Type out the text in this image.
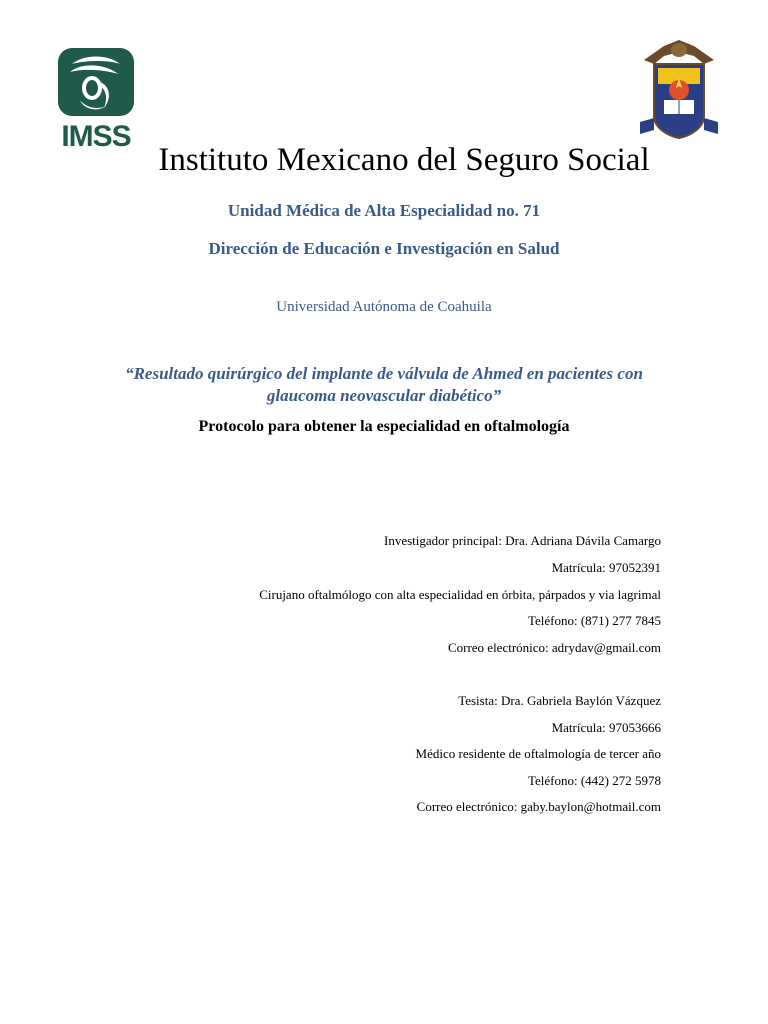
IMSS
Instituto Mexicano del Seguro Social
Unidad Médica de Alta Especialidad no. 71
Dirección de Educación e Investigación en Salud
Universidad Autónoma de Coahuila
“Resultado quirúrgico del implante de válvula de Ahmed en pacientes con glaucoma neovascular diabético”
Protocolo para obtener la especialidad en oftalmología
Investigador principal: Dra. Adriana Dávila Camargo
Matrícula: 97052391
Cirujano oftalmólogo con alta especialidad en órbita, párpados y via lagrimal
Teléfono: (871) 277 7845
Correo electrónico: adrydav@gmail.com
Tesista: Dra. Gabriela Baylón Vázquez
Matrícula: 97053666
Médico residente de oftalmología de tercer año
Teléfono: (442) 272 5978
Correo electrónico: gaby.baylon@hotmail.com
